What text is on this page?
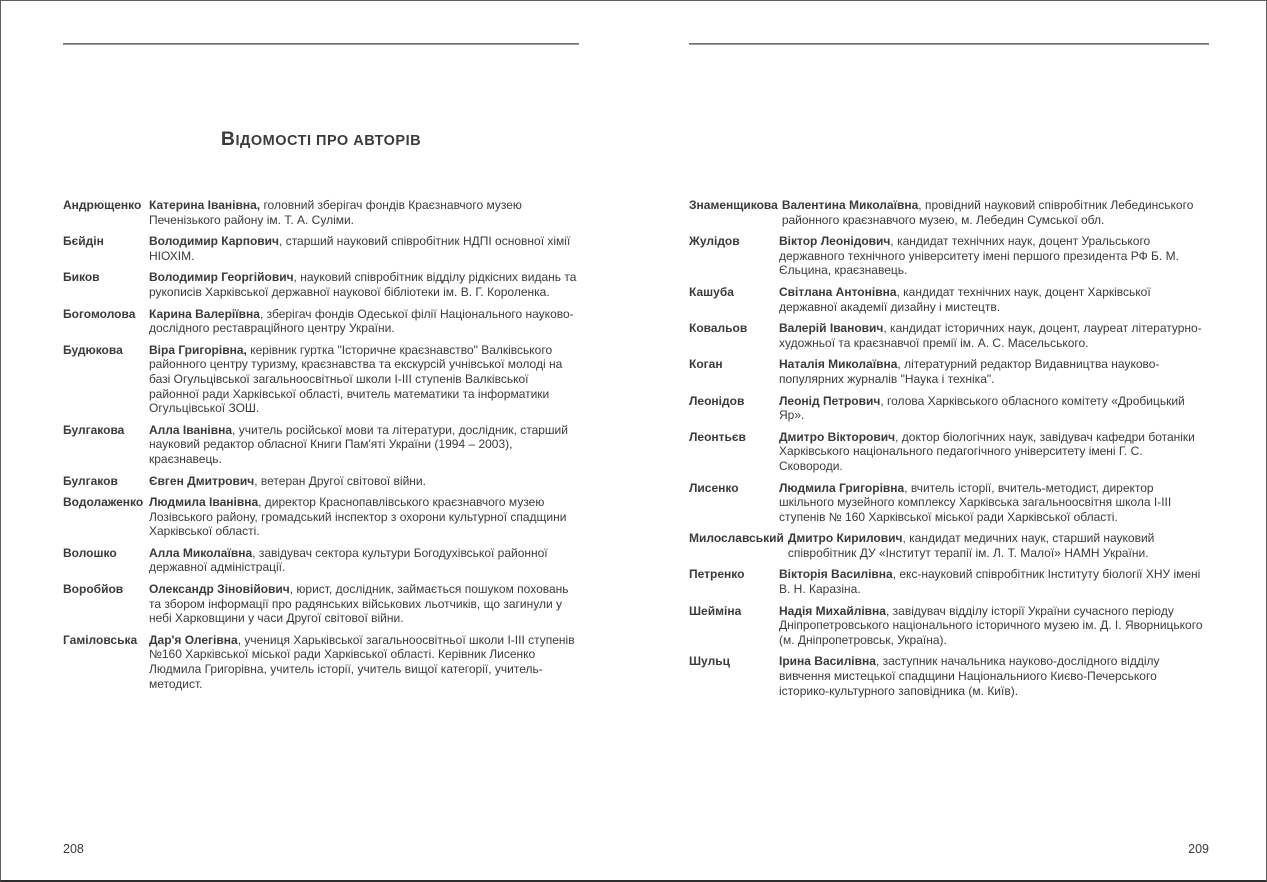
ВІДОМОСТІ ПРО АВТОРІВ
Андрющенко Катерина Іванівна, головний зберігач фондів Краєзнавчого музею Печенізького району ім. Т. А. Суліми.
Бєйдін	Володимир Карпович, старший науковий співробітник НДПІ основної хімії НІОХІМ.
Биков	Володимир Георгійович, науковий співробітник відділу рідкісних видань та рукописів Харківської державної наукової бібліотеки ім. В. Г. Короленка.
Богомолова	Карина Валеріївна, зберігач фондів Одеської філії Національного науково-дослідного реставраційного центру України.
Будюкова	Віра Григорівна, керівник гуртка "Історичне краєзнавство" Валківського районного центру туризму, краєзнавства та екскурсій учнівської молоді на базі Огульцівської загальноосвітньої школи І-ІІІ ступенів Валківської районної ради Харківської області, вчитель математики та інформатики Огульцівської ЗОШ.
Булгакова	Алла Іванівна, учитель російської мови та літератури, дослідник, старший науковий редактор обласної Книги Пам'яті України (1994 – 2003), краєзнавець.
Булгаков	Євген Дмитрович, ветеран Другої світової війни.
Водолаженко Людмила Іванівна, директор Краснопавлівського краєзнавчого музею Лозівського району, громадський інспектор з охорони культурної спадщини Харківської області.
Волошко	Алла Миколаївна, завідувач сектора культури Богодухівської районної державної адміністрації.
Воробйов	Олександр Зіновійович, юрист, дослідник, займається пошуком поховань та збором інформації про радянських військових льотчиків, що загинули у небі Харковщини у часи Другої світової війни.
Гаміловська Дар'я Олегівна, учениця Харьківської загальноосвітньої школи І-ІІІ ступенів №160 Харківської міської ради Харківської області. Керівник Лисенко Людмила Григорівна, учитель історії, учитель вищої категорії, учитель-методист.
208
Знаменщикова Валентина Миколаївна, провідний науковий співробітник Лебединського районного краєзнавчого музею, м. Лебедин Сумської обл.
Жулідов	Віктор Леонідович, кандидат технічних наук, доцент Уральського державного технічного університету імені першого президента РФ Б. М. Єльцина, краєзнавець.
Кашуба	Світлана Антонівна, кандидат технічних наук, доцент Харківської державної академії дизайну і мистецтв.
Ковальов	Валерій Іванович, кандидат історичних наук, доцент, лауреат літературно-художньої та краєзнавчої премії ім. А. С. Масельського.
Коган	Наталія Миколаївна, літературний редактор Видавництва науково-популярних журналів "Наука і техніка".
Леонідов	Леонід Петрович, голова Харківського обласного комітету «Дробицький Яр».
Леонтьєв	Дмитро Вікторович, доктор біологічних наук, завідувач кафедри ботаніки Харківського національного педагогічного університету імені Г. С. Сковороди.
Лисенко	Людмила Григорівна, вчитель історії, вчитель-методист, директор шкільного музейного комплексу Харківська загальноосвітня школа І-ІІІ ступенів № 160 Харківської міської ради Харківської області.
Милославський Дмитро Кирилович, кандидат медичних наук, старший науковий співробітник ДУ «Інститут терапії ім. Л. Т. Малої» НАМН України.
Петренко	Вікторія Василівна, екс-науковий співробітник Інституту біології ХНУ імені В. Н. Каразіна.
Шейміна	Надія Михайлівна, завідувач відділу історії України сучасного періоду Дніпропетровського національного історичного музею ім. Д. І. Яворницького (м. Дніпропетровськ, Україна).
Шульц	Ірина Василівна, заступник начальника науково-дослідного відділу вивчення мистецької спадщини Національниого Києво-Печерського історико-культурного заповідника (м. Київ).
209
